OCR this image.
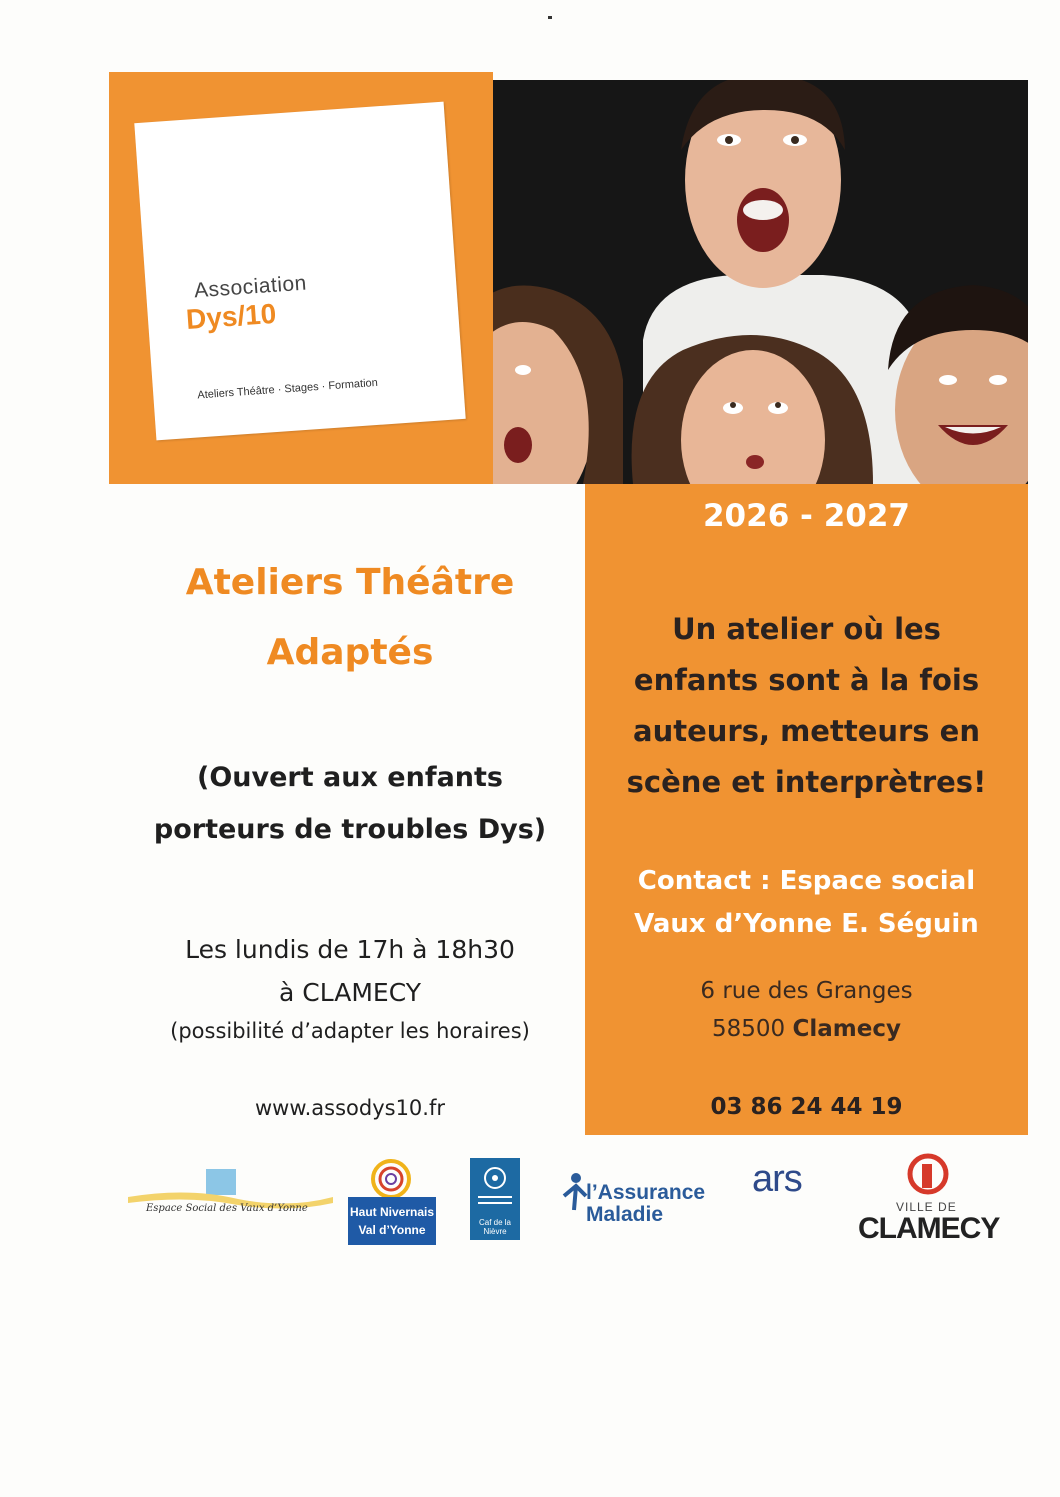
Association
Dys/10
Ateliers Théâtre · Stages · Formation
2026 - 2027
Un atelier où les
enfants sont à la fois
auteurs, metteurs en
scène et interprètres!
Contact : Espace social
Vaux d’Yonne E. Séguin
6 rue des Granges
58500 Clamecy
03 86 24 44 19
Ateliers Théâtre
Adaptés
(Ouvert aux enfants
porteurs de troubles Dys)
Les lundis de 17h à 18h30
à CLAMECY
(possibilité d’adapter les horaires)
www.assodys10.fr
Espace Social des Vaux d’Yonne	Haut Nivernais
Val d’Yonne
Caf de la Nièvre
l’Assurance
Maladie
ars
VILLE DE
CLAMECY
